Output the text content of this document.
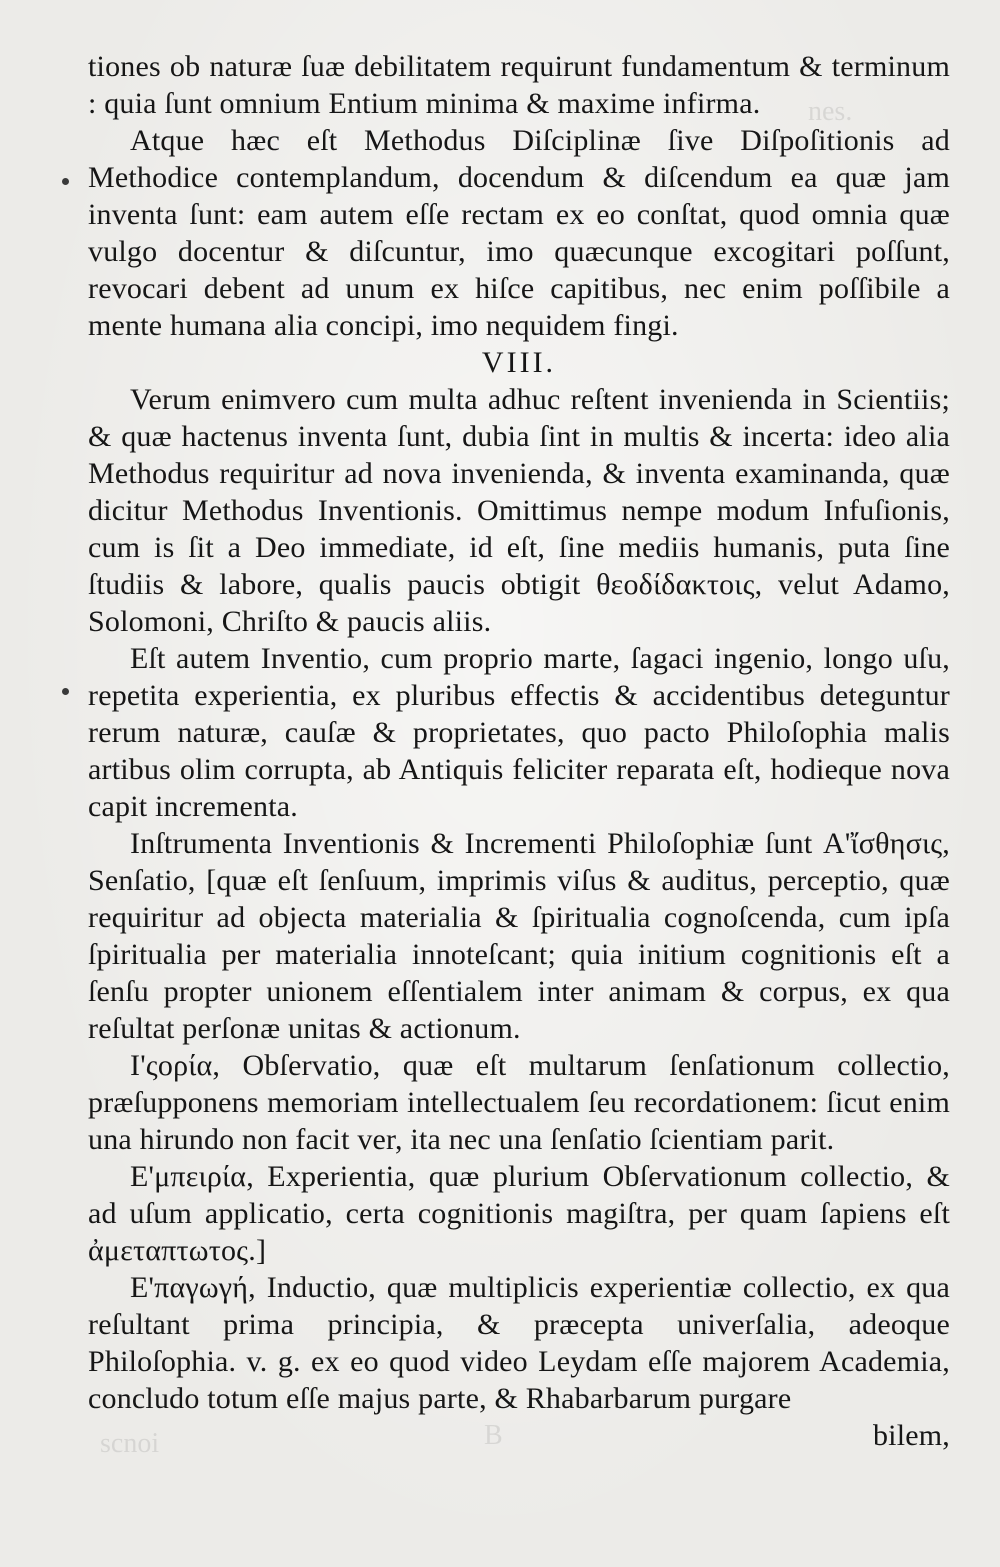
nes.
scnoi	B

tiones ob naturæ ſuæ debilitatem requirunt fundamentum & terminum : quia ſunt omnium Entium minima & maxime infirma.

Atque hæc eſt Methodus Diſciplinæ ſive Diſpoſitionis ad Methodice contemplandum, docendum & diſcendum ea quæ jam inventa ſunt: eam autem eſſe rectam ex eo conſtat, quod omnia quæ vulgo docentur & diſcuntur, imo quæcunque excogitari poſſunt, revocari debent ad unum ex hiſce capitibus, nec enim poſſibile a mente humana alia concipi, imo nequidem fingi.

VIII.

Verum enimvero cum multa adhuc reſtent invenienda in Scientiis; & quæ hactenus inventa ſunt, dubia ſint in multis & incerta: ideo alia Methodus requiritur ad nova invenienda, & inventa examinanda, quæ dicitur Methodus Inventionis. Omittimus nempe modum Infuſionis, cum is ſit a Deo immediate, id eſt, ſine mediis humanis, puta ſine ſtudiis & labore, qualis paucis obtigit θεοδίδακτοις, velut Adamo, Solomoni, Chriſto & paucis aliis.

Eſt autem Inventio, cum proprio marte, ſagaci ingenio, longo uſu, repetita experientia, ex pluribus effectis & accidentibus deteguntur rerum naturæ, cauſæ & proprietates, quo pacto Philoſophia malis artibus olim corrupta, ab Antiquis feliciter reparata eſt, hodieque nova capit incrementa.

Inſtrumenta Inventionis & Incrementi Philoſophiæ ſunt Α'ἴσθησις, Senſatio, [quæ eſt ſenſuum, imprimis viſus & auditus, perceptio, quæ requiritur ad objecta materialia & ſpiritualia cognoſcenda, cum ipſa ſpiritualia per materialia innoteſcant; quia initium cognitionis eſt a ſenſu propter unionem eſſentialem inter animam & corpus, ex qua reſultat perſonæ unitas & actionum.

Ι'ςορία, Obſervatio, quæ eſt multarum ſenſationum collectio, præſupponens memoriam intellectualem ſeu recordationem: ſicut enim una hirundo non facit ver, ita nec una ſenſatio ſcientiam parit.

Ε'μπειρία, Experientia, quæ plurium Obſervationum collectio, & ad uſum applicatio, certa cognitionis magiſtra, per quam ſapiens eſt ἀμεταπτωτος.]

Ε'παγωγή, Inductio, quæ multiplicis experientiæ collectio, ex qua reſultant prima principia, & præcepta univerſalia, adeoque Philoſophia. v. g. ex eo quod video Leydam eſſe majorem Academia, concludo totum eſſe majus parte, & Rhabarbarum purgare

bilem,
